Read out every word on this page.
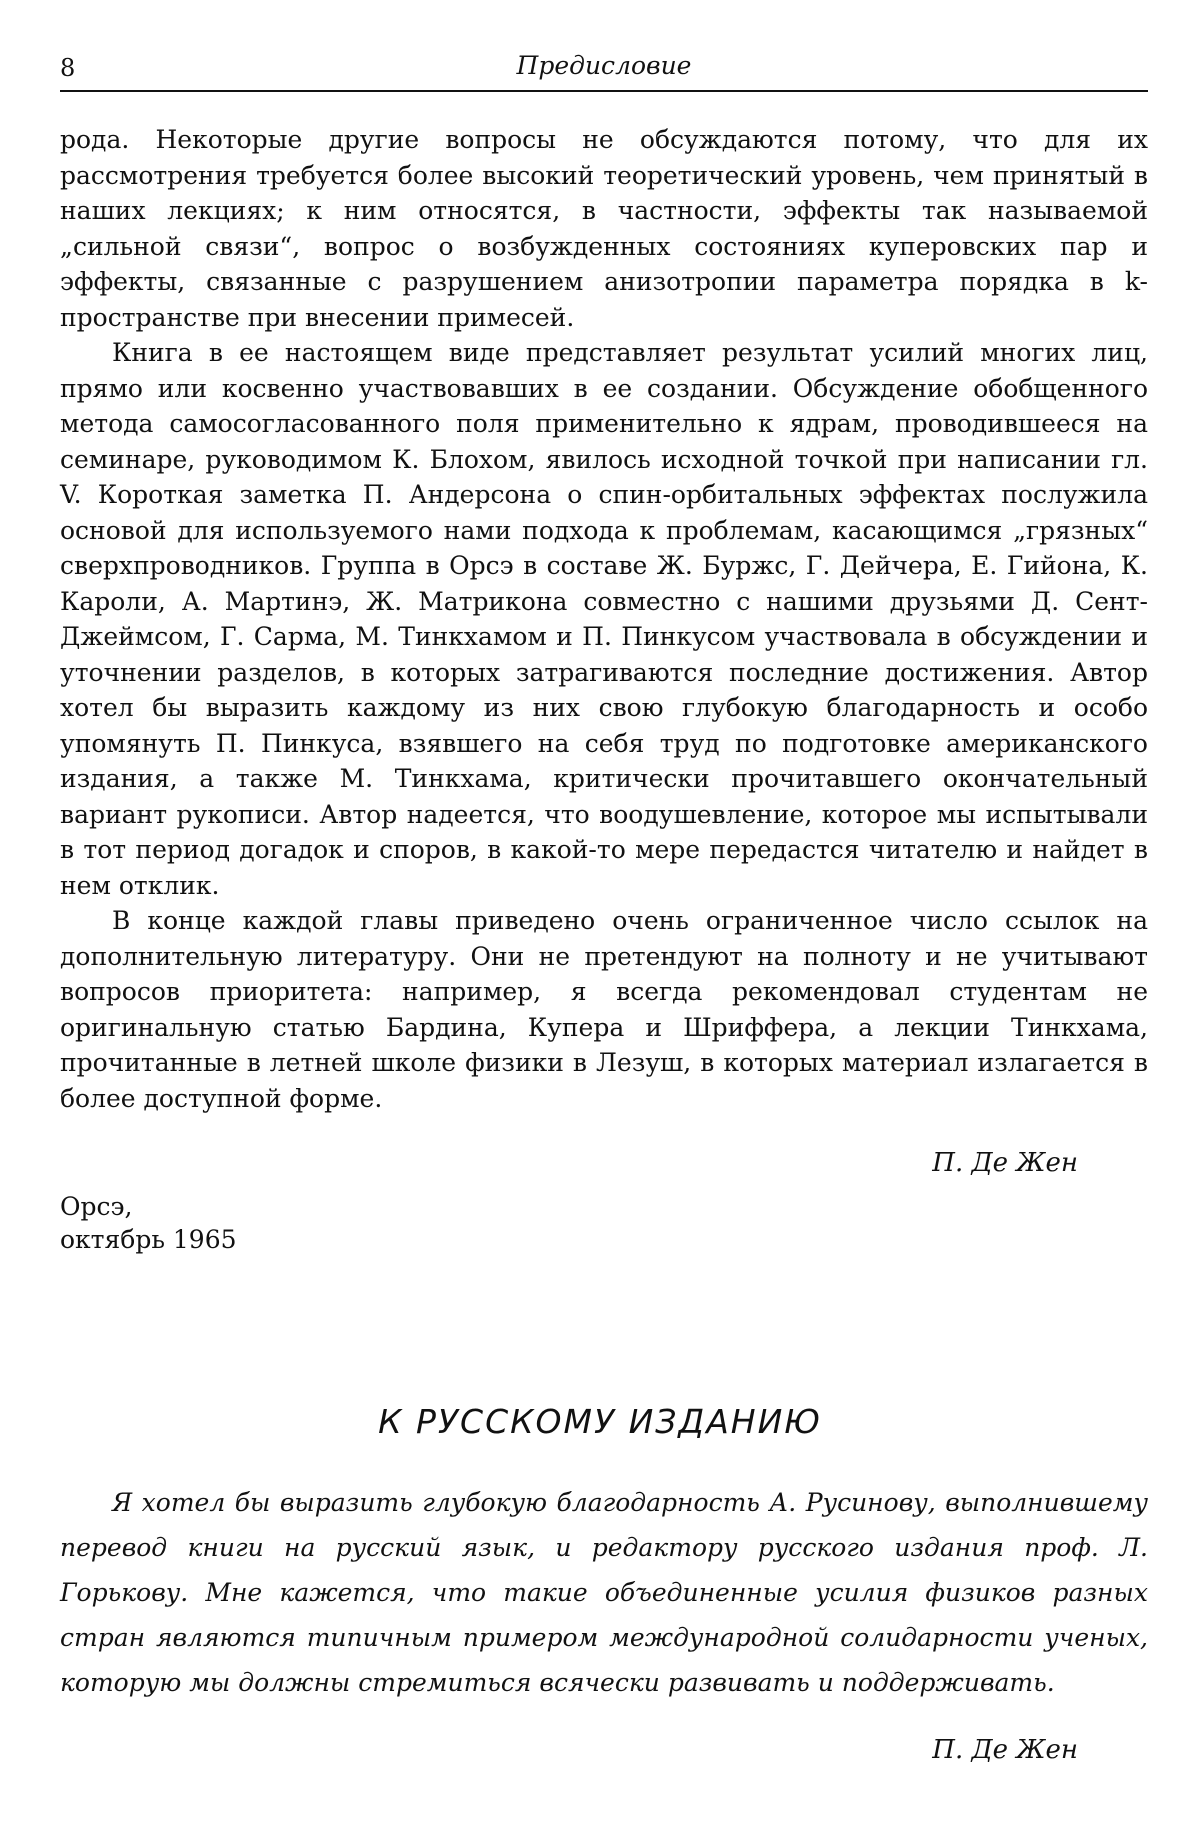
8	Предисловие

рода. Некоторые другие вопросы не обсуждаются потому, что для их рассмотрения требуется более высокий теоретический уровень, чем принятый в наших лекциях; к ним относятся, в частности, эффекты так называемой „сильной связи“, вопрос о возбужденных состояниях куперовских пар и эффекты, связанные с разрушением анизотропии параметра порядка в k-пространстве при внесении примесей.

Книга в ее настоящем виде представляет результат усилий многих лиц, прямо или косвенно участвовавших в ее создании. Обсуждение обобщенного метода самосогласованного поля применительно к ядрам, проводившееся на семинаре, руководимом К. Блохом, явилось исходной точкой при написании гл. V. Короткая заметка П. Андерсона о спин-орбитальных эффектах послужила основой для используемого нами подхода к проблемам, касающимся „грязных“ сверхпроводников. Группа в Орсэ в составе Ж. Буржс, Г. Дейчера, Е. Гийона, К. Кароли, А. Мартинэ, Ж. Матрикона совместно с нашими друзьями Д. Сент-Джеймсом, Г. Сарма, М. Тинкхамом и П. Пинкусом участвовала в обсуждении и уточнении разделов, в которых затрагиваются последние достижения. Автор хотел бы выразить каждому из них свою глубокую благодарность и особо упомянуть П. Пинкуса, взявшего на себя труд по подготовке американского издания, а также М. Тинкхама, критически прочитавшего окончательный вариант рукописи. Автор надеется, что воодушевление, которое мы испытывали в тот период догадок и споров, в какой-то мере передастся читателю и найдет в нем отклик.

В конце каждой главы приведено очень ограниченное число ссылок на дополнительную литературу. Они не претендуют на полноту и не учитывают вопросов приоритета: например, я всегда рекомендовал студентам не оригинальную статью Бардина, Купера и Шриффера, а лекции Тинкхама, прочитанные в летней школе физики в Лезуш, в которых материал излагается в более доступной форме.

П. Де Жен
Орсэ,
октябрь 1965
К РУССКОМУ ИЗДАНИЮ
Я хотел бы выразить глубокую благодарность А. Русинову, выполнившему перевод книги на русский язык, и редактору русского издания проф. Л. Горькову. Мне кажется, что такие объединенные усилия физиков разных стран являются типичным примером международной солидарности ученых, которую мы должны стремиться всячески развивать и поддерживать.
П. Де Жен
